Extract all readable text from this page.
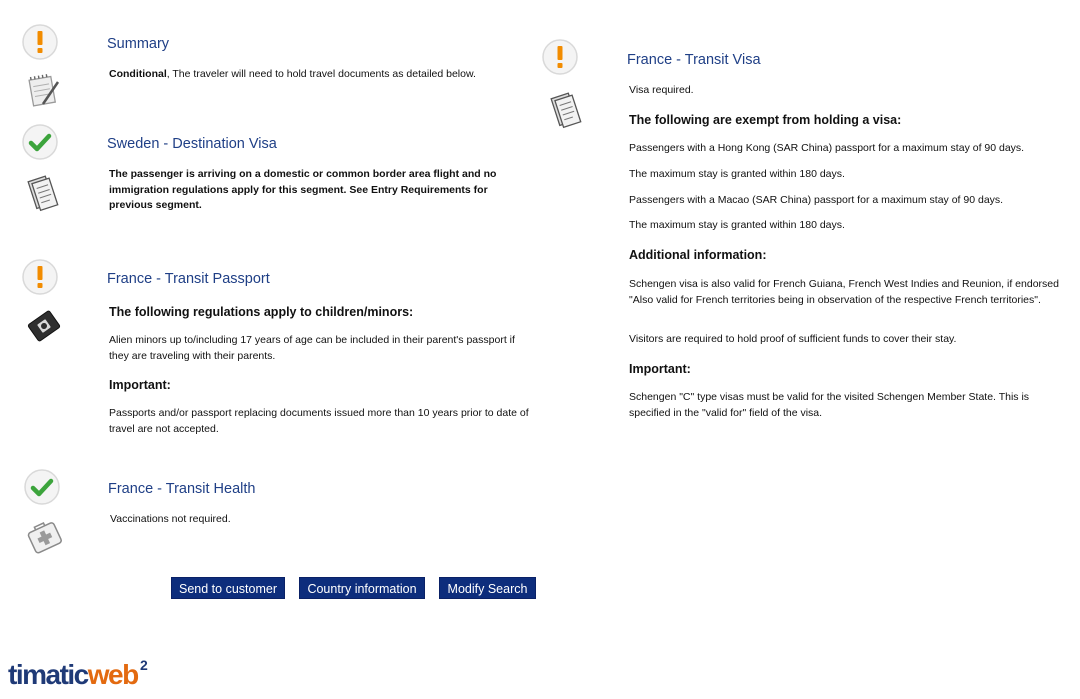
Summary
Conditional, The traveler will need to hold travel documents as detailed below.
Sweden - Destination Visa
The passenger is arriving on a domestic or common border area flight and no immigration regulations apply for this segment. See Entry Requirements for previous segment.
France - Transit Passport
The following regulations apply to children/minors:
Alien minors up to/including 17 years of age can be included in their parent's passport if they are traveling with their parents.
Important:
Passports and/or passport replacing documents issued more than 10 years prior to date of travel are not accepted.
France - Transit Health
Vaccinations not required.
Send to customer	Country information	Modify Search
timaticweb 2
France - Transit Visa
Visa required.
The following are exempt from holding a visa:
Passengers with a Hong Kong (SAR China) passport for a maximum stay of 90 days.
The maximum stay is granted within 180 days.
Passengers with a Macao (SAR China) passport for a maximum stay of 90 days.
The maximum stay is granted within 180 days.
Additional information:
Schengen visa is also valid for French Guiana, French West Indies and Reunion, if endorsed "Also valid for French territories being in observation of the respective French territories".
Visitors are required to hold proof of sufficient funds to cover their stay.
Important:
Schengen "C" type visas must be valid for the visited Schengen Member State. This is specified in the "valid for" field of the visa.
